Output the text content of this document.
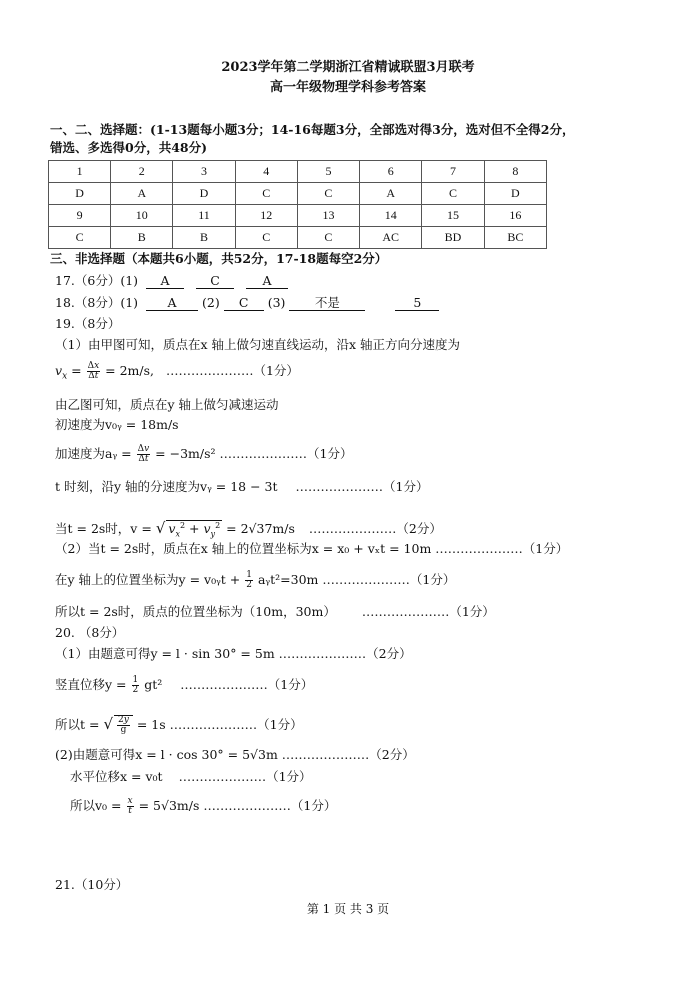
2023学年第二学期浙江省精诚联盟3月联考
高一年级物理学科参考答案
一、二、选择题：(1-13题每小题3分；14-16每题3分，全部选对得3分，选对但不全得2分，
错选、多选得0分，共48分)
1	2	3	4	5	6	7	8
D	A	D	C	C	A	C	D
9	10	11	12	13	14	15	16
C	B	B	C	C	AC	BD	BC
三、非选择题（本题共6小题，共52分，17-18题每空2分）
17.（6分）(1) A	C	A
18.（8分）(1) A (2) C (3) 不是	5
19.（8分）
（1）由甲图可知，质点在x 轴上做匀速直线运动，沿x 轴正方向分速度为
$v_x = \frac{\Delta x}{\Delta t} = 2m/s$, …………………（1分）
由乙图可知，质点在y 轴上做匀减速运动
初速度为v₀ᵧ = 18m/s
加速度为aᵧ = $\frac{\Delta v}{\Delta t} = -3m/s^2$ …………………（1分）
t 时刻，沿y 轴的分速度为vᵧ = 18 − 3t …………………（1分）
当t = 2s时，v = √ $v_x^2 + v_y^2 = 2√37m/s$ …………………（2分）
（2）当t = 2s时，质点在x 轴上的位置坐标为x = x₀ + vₓt = 10m …………………（1分）
在y 轴上的位置坐标为y = v₀ᵧt + $\frac{1}{2}$ aᵧt²=30m …………………（1分）
所以t = 2s时，质点的位置坐标为（10m，30m） …………………（1分）
20. （8分）
（1）由题意可得y = l · sin 30° = 5m …………………（2分）
竖直位移$y = \frac{1}{2} gt^2$ …………………（1分）
所以t = √ $\frac{2y}{g} = 1s$ …………………（1分）
(2)由题意可得x = l · cos 30° = 5√3m …………………（2分）
水平位移x = v₀t …………………（1分）
所以$v_0 = \frac{x}{t} = 5√3m/s$ …………………（1分）
21.（10分）
第 1 页 共 3 页
